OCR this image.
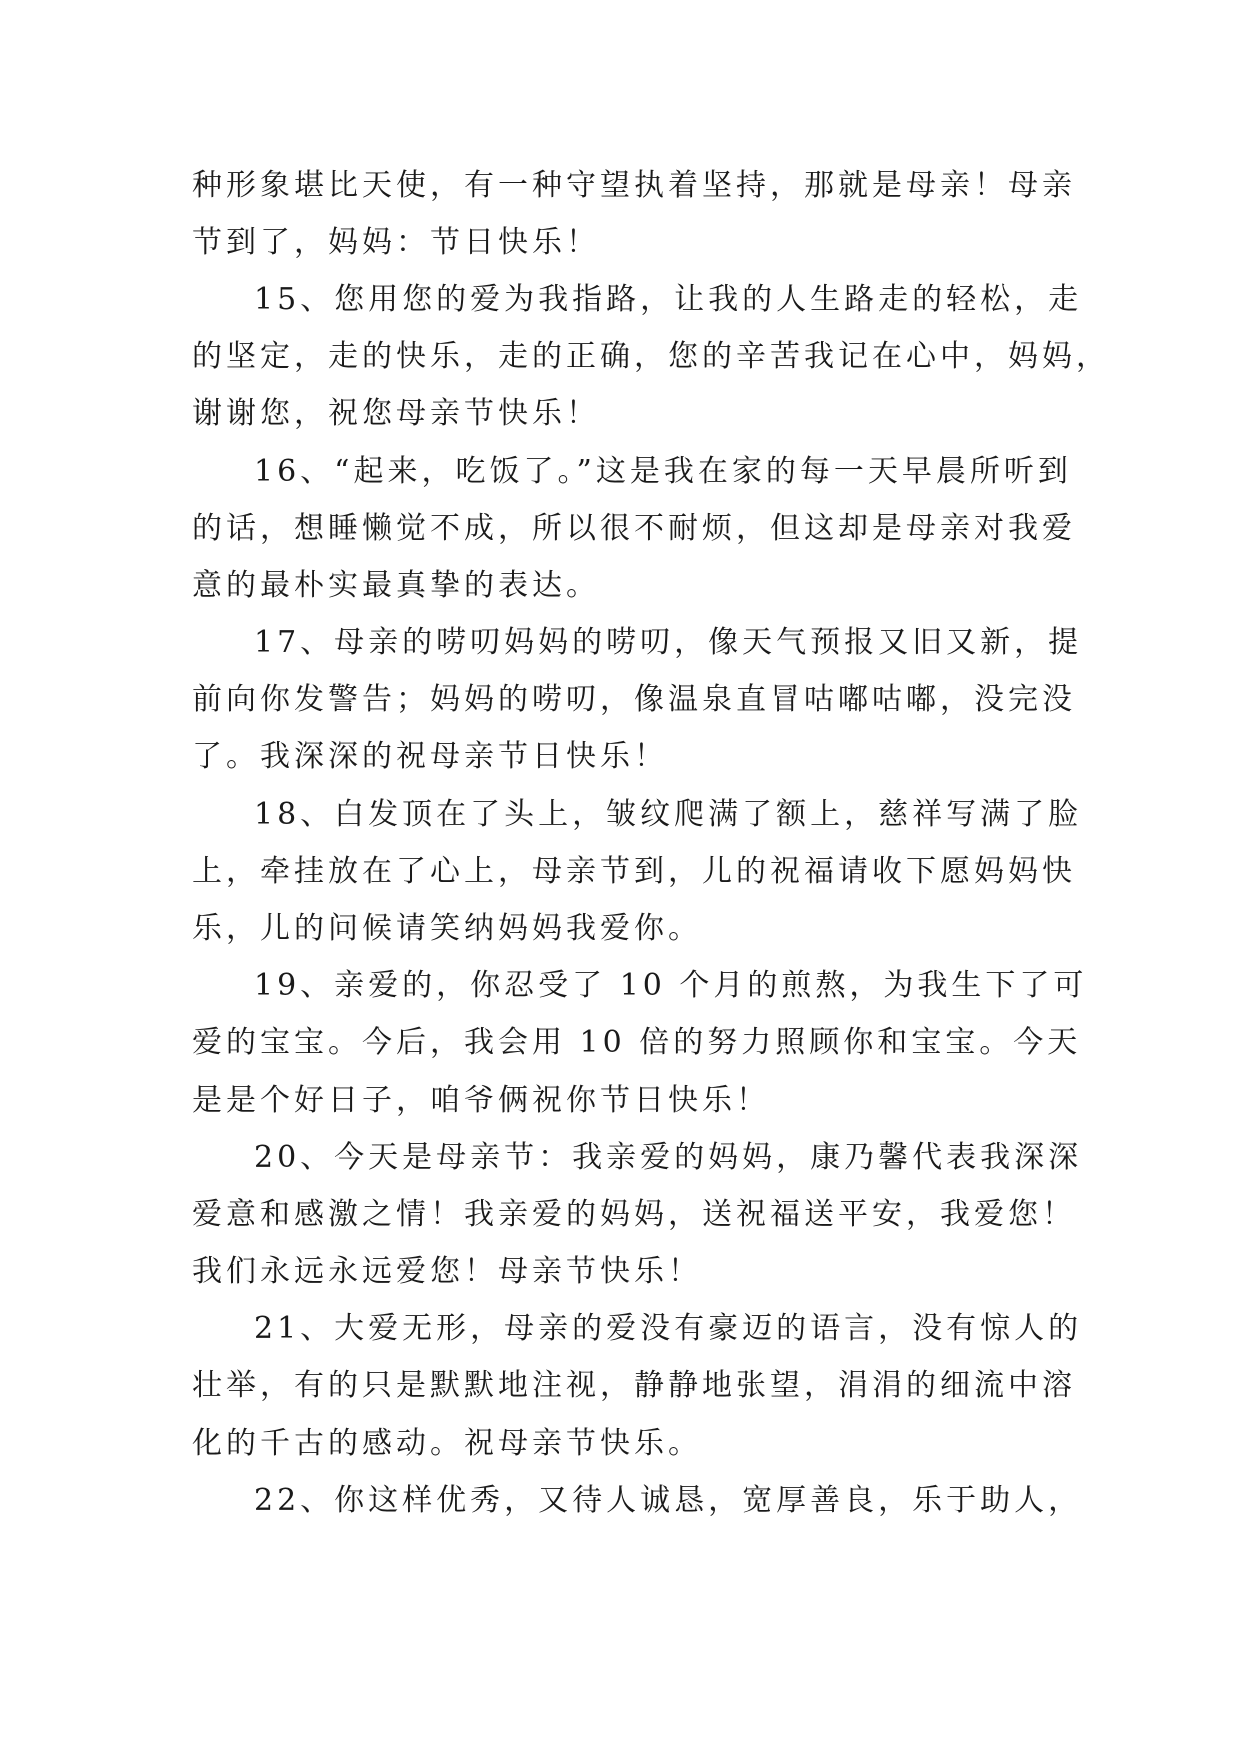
种形象堪比天使，有一种守望执着坚持，那就是母亲！母亲
节到了，妈妈：节日快乐！
15、您用您的爱为我指路，让我的人生路走的轻松，走
的坚定，走的快乐，走的正确，您的辛苦我记在心中，妈妈，
谢谢您，祝您母亲节快乐！
16、“起来，吃饭了。”这是我在家的每一天早晨所听到
的话，想睡懒觉不成，所以很不耐烦，但这却是母亲对我爱
意的最朴实最真挚的表达。
17、母亲的唠叨妈妈的唠叨，像天气预报又旧又新，提
前向你发警告；妈妈的唠叨，像温泉直冒咕嘟咕嘟，没完没
了。我深深的祝母亲节日快乐！
18、白发顶在了头上，皱纹爬满了额上，慈祥写满了脸
上，牵挂放在了心上，母亲节到，儿的祝福请收下愿妈妈快
乐，儿的问候请笑纳妈妈我爱你。
19、亲爱的，你忍受了 10 个月的煎熬，为我生下了可
爱的宝宝。今后，我会用 10 倍的努力照顾你和宝宝。今天
是是个好日子，咱爷俩祝你节日快乐！
20、今天是母亲节：我亲爱的妈妈，康乃馨代表我深深
爱意和感激之情！我亲爱的妈妈，送祝福送平安，我爱您！
我们永远永远爱您！母亲节快乐！
21、大爱无形，母亲的爱没有豪迈的语言，没有惊人的
壮举，有的只是默默地注视，静静地张望，涓涓的细流中溶
化的千古的感动。祝母亲节快乐。
22、你这样优秀，又待人诚恳，宽厚善良，乐于助人，
